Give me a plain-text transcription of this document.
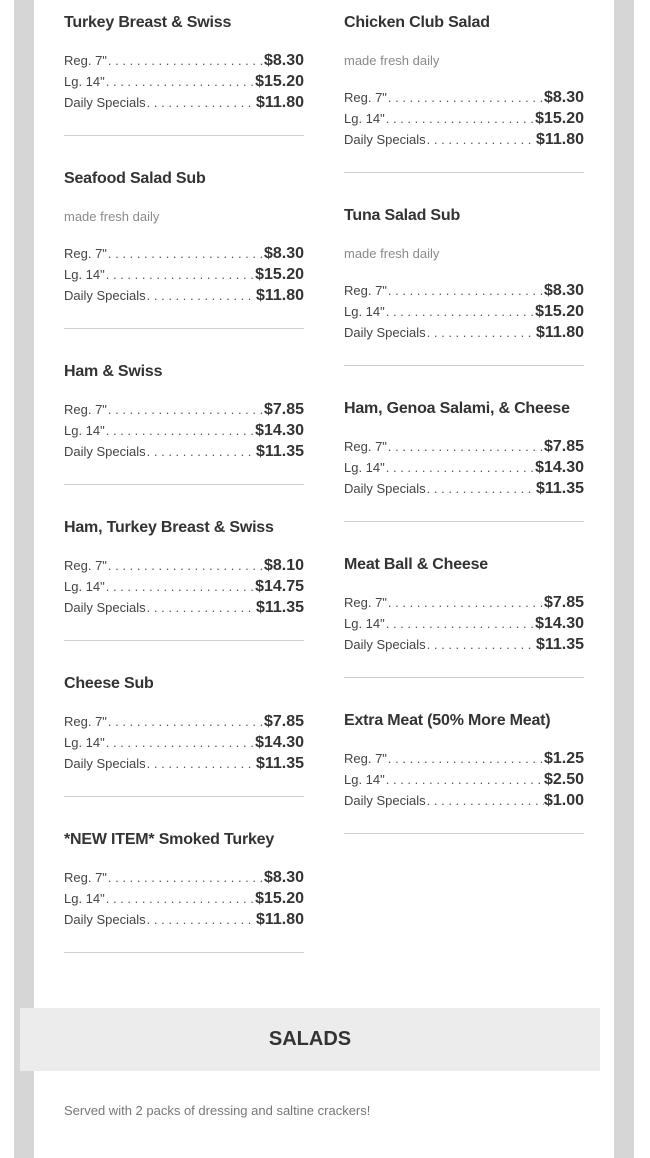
Turkey Breast & Swiss
Reg. 7" . . .	$8.30
Lg. 14" . . .	$15.20
Daily Specials . . .	$11.80
Seafood Salad Sub
made fresh daily
Reg. 7" . . .	$8.30
Lg. 14" . . .	$15.20
Daily Specials . . .	$11.80
Ham & Swiss
Reg. 7" . . .	$7.85
Lg. 14" . . .	$14.30
Daily Specials . . .	$11.35
Ham, Turkey Breast & Swiss
Reg. 7" . . .	$8.10
Lg. 14" . . .	$14.75
Daily Specials . . .	$11.35
Cheese Sub
Reg. 7" . . .	$7.85
Lg. 14" . . .	$14.30
Daily Specials . . .	$11.35
*NEW ITEM* Smoked Turkey
Reg. 7" . . .	$8.30
Lg. 14" . . .	$15.20
Daily Specials . . .	$11.80
Chicken Club Salad
made fresh daily
Reg. 7" . . .	$8.30
Lg. 14" . . .	$15.20
Daily Specials . . .	$11.80
Tuna Salad Sub
made fresh daily
Reg. 7" . . .	$8.30
Lg. 14" . . .	$15.20
Daily Specials . . .	$11.80
Ham, Genoa Salami, & Cheese
Reg. 7" . . .	$7.85
Lg. 14" . . .	$14.30
Daily Specials . . .	$11.35
Meat Ball & Cheese
Reg. 7" . . .	$7.85
Lg. 14" . . .	$14.30
Daily Specials . . .	$11.35
Extra Meat (50% More Meat)
Reg. 7" . . .	$1.25
Lg. 14" . . .	$2.50
Daily Specials . . .	$1.00
SALADS
Served with 2 packs of dressing and saltine crackers!
